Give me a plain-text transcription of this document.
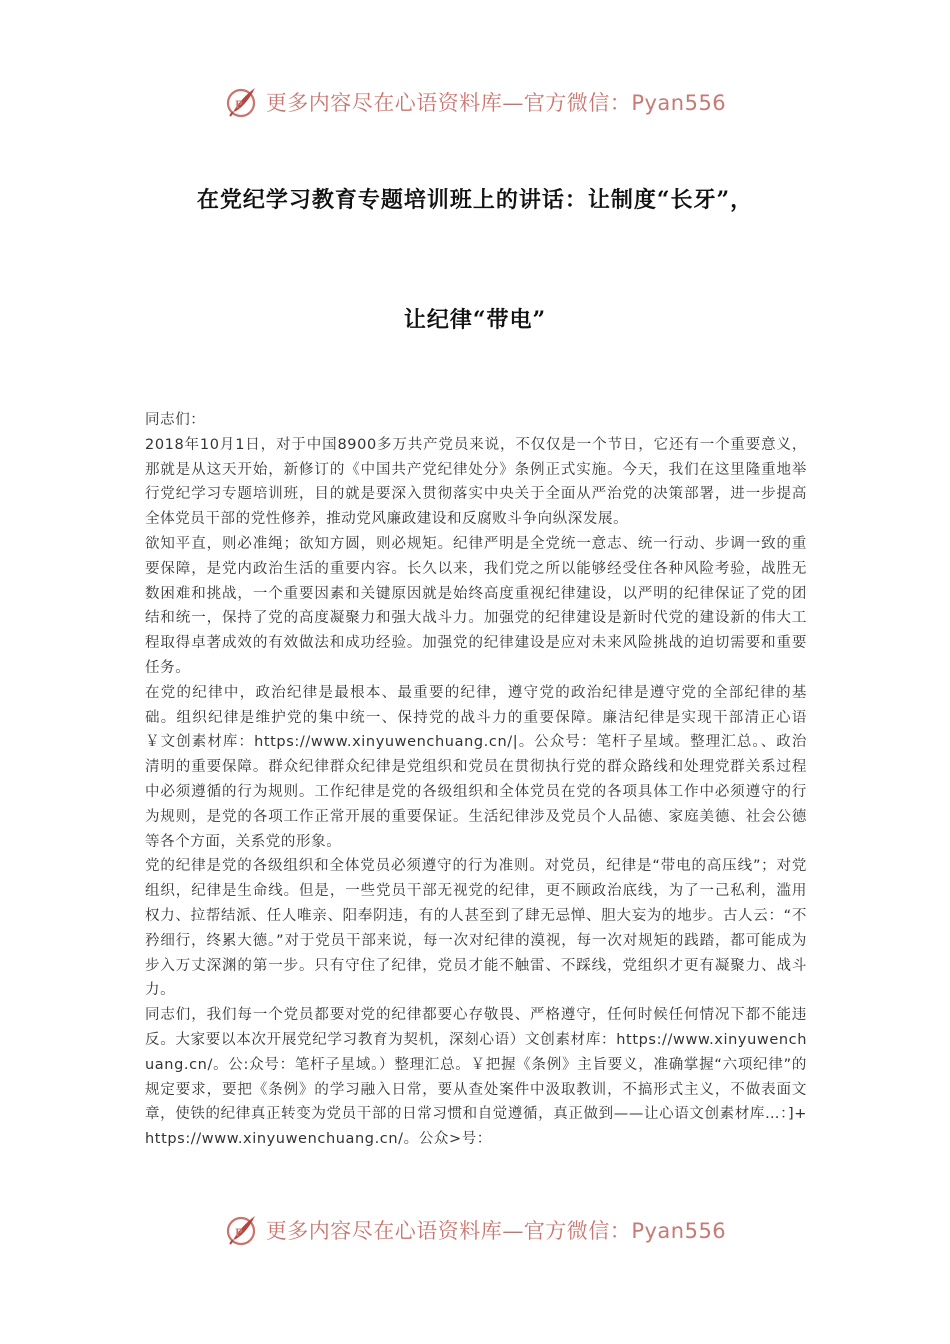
P 更多内容尽在心语资料库—官方微信：Pyan556
在党纪学习教育专题培训班上的讲话：让制度“长牙”，
让纪律“带电”

同志们：

2018年10月1日，对于中国8900多万共产党员来说，不仅仅是一个节日，它还有一个重要意义，那就是从这天开始，新修订的《中国共产党纪律处分》条例正式实施。今天，我们在这里隆重地举行党纪学习专题培训班，目的就是要深入贯彻落实中央关于全面从严治党的决策部署，进一步提高全体党员干部的党性修养，推动党风廉政建设和反腐败斗争向纵深发展。

欲知平直，则必准绳；欲知方圆，则必规矩。纪律严明是全党统一意志、统一行动、步调一致的重要保障，是党内政治生活的重要内容。长久以来，我们党之所以能够经受住各种风险考验，战胜无数困难和挑战，一个重要因素和关键原因就是始终高度重视纪律建设，以严明的纪律保证了党的团结和统一，保持了党的高度凝聚力和强大战斗力。加强党的纪律建设是新时代党的建设新的伟大工程取得卓著成效的有效做法和成功经验。加强党的纪律建设是应对未来风险挑战的迫切需要和重要任务。

在党的纪律中，政治纪律是最根本、最重要的纪律，遵守党的政治纪律是遵守党的全部纪律的基础。组织纪律是维护党的集中统一、保持党的战斗力的重要保障。廉洁纪律是实现干部清正心语￥文创素材库：https://www.xinyuwenchuang.cn/|。公众号：笔杆子星域。整理汇总。、政治清明的重要保障。群众纪律群众纪律是党组织和党员在贯彻执行党的群众路线和处理党群关系过程中必须遵循的行为规则。工作纪律是党的各级组织和全体党员在党的各项具体工作中必须遵守的行为规则，是党的各项工作正常开展的重要保证。生活纪律涉及党员个人品德、家庭美德、社会公德等各个方面，关系党的形象。

党的纪律是党的各级组织和全体党员必须遵守的行为准则。对党员，纪律是“带电的高压线”；对党组织，纪律是生命线。但是，一些党员干部无视党的纪律，更不顾政治底线，为了一己私利，滥用权力、拉帮结派、任人唯亲、阳奉阴违，有的人甚至到了肆无忌惮、胆大妄为的地步。古人云：“不矜细行，终累大德。”对于党员干部来说，每一次对纪律的漠视，每一次对规矩的践踏，都可能成为步入万丈深渊的第一步。只有守住了纪律，党员才能不触雷、不踩线，党组织才更有凝聚力、战斗力。

同志们，我们每一个党员都要对党的纪律都要心存敬畏、严格遵守，任何时候任何情况下都不能违反。大家要以本次开展党纪学习教育为契机，深刻心语）文创素材库：https://www.xinyuwenchuang.cn/。公:众号：笔杆子星域。）整理汇总。￥把握《条例》主旨要义，准确掌握“六项纪律”的规定要求，要把《条例》的学习融入日常，要从查处案件中汲取教训，不搞形式主义，不做表面文章，使铁的纪律真正转变为党员干部的日常习惯和自觉遵循，真正做到——让心语文创素材库…：]+https://www.xinyuwenchuang.cn/。公众>号：

P 更多内容尽在心语资料库—官方微信：Pyan556
